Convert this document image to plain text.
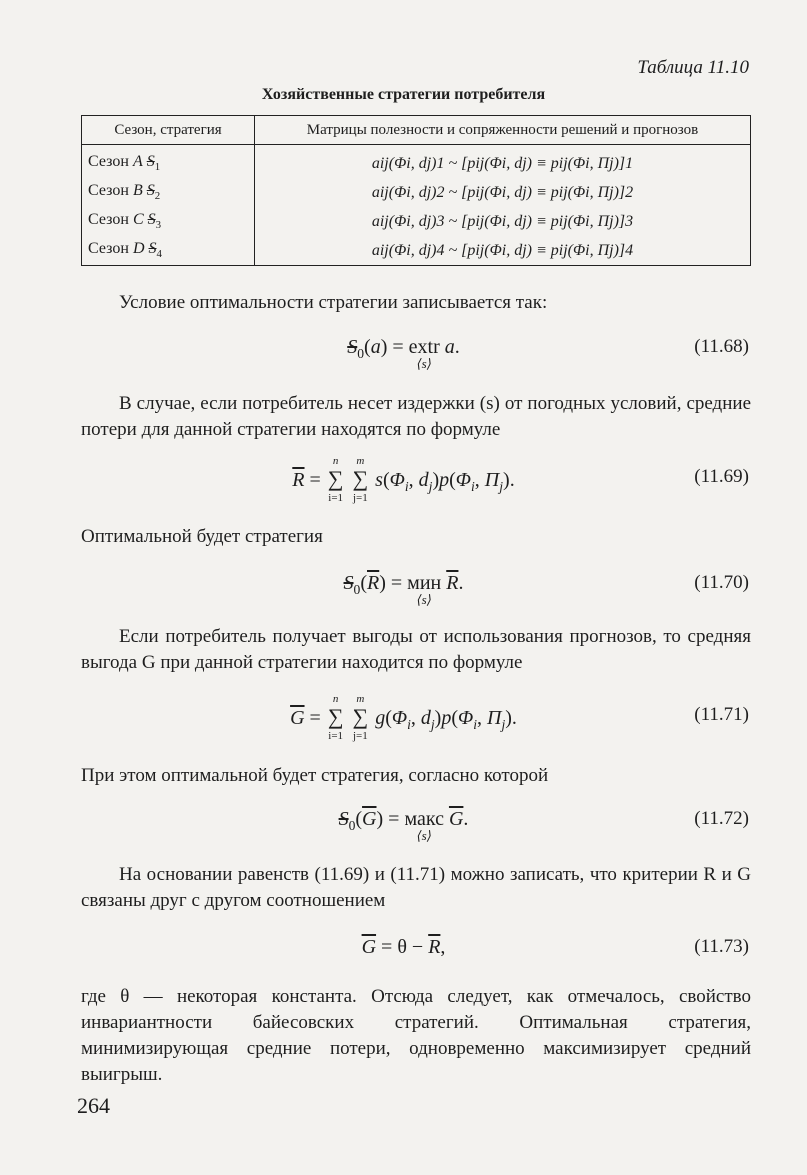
Таблица 11.10
Хозяйственные стратегии потребителя
Сезон, стратегия	Матрицы полезности и сопряженности решений и прогнозов
Сезон A $S_1$	aij(Φi, dj)1 ~ [pij(Φi, dj) ≡ pij(Φi, Πj)]1
Сезон B $S_2$	aij(Φi, dj)2 ~ [pij(Φi, dj) ≡ pij(Φi, Πj)]2
Сезон C $S_3$	aij(Φi, dj)3 ~ [pij(Φi, dj) ≡ pij(Φi, Πj)]3
Сезон D $S_4$	aij(Φi, dj)4 ~ [pij(Φi, dj) ≡ pij(Φi, Πj)]4
Условие оптимальности стратегии записывается так:
$S_0(a)$ = extr
⟨s⟩
a.	(11.68)
В случае, если потребитель несет издержки (s) от погодных условий, средние потери для данной стратегии находятся по формуле
$\overline{R}$ = ∑
n
i=1
∑
m
j=1
$s(\Phi_i$, $d_j)p(\Phi_i$, $\Pi_j$).	(11.69)
Оптимальной будет стратегия
$S_0(\overline{R})$ = мин
⟨s⟩
$\overline{R}$.	(11.70)
Если потребитель получает выгоды от использования прогнозов, то средняя выгода G при данной стратегии находится по формуле
$\overline{G}$ = ∑
n
i=1
∑
m
j=1
$g(\Phi_i$, $d_j)p(\Phi_i$, $\Pi_j$).	(11.71)
При этом оптимальной будет стратегия, согласно которой
$S_0(\overline{G})$ = макс
⟨s⟩
$\overline{G}$.	(11.72)
На основании равенств (11.69) и (11.71) можно записать, что критерии R и G связаны друг с другом соотношением
$\overline{G} = \theta - \overline{R}$,	(11.73)
где θ — некоторая константа. Отсюда следует, как отмечалось, свойство инвариантности байесовских стратегий. Оптимальная стратегия, минимизирующая средние потери, одновременно максимизирует средний выигрыш.
264
